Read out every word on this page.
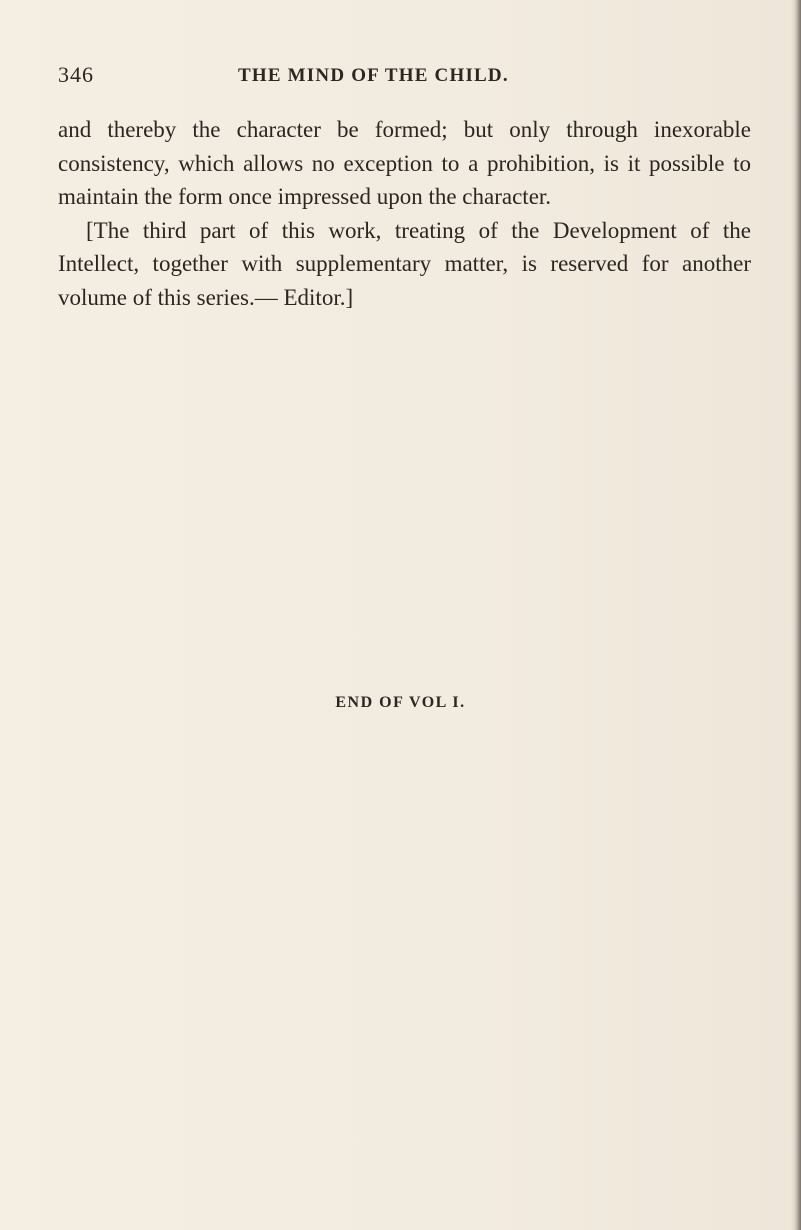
346	THE MIND OF THE CHILD.

and thereby the character be formed; but only through inexorable consistency, which allows no exception to a prohibition, is it possible to maintain the form once impressed upon the character.

[The third part of this work, treating of the Development of the Intellect, together with supplementary matter, is reserved for another volume of this series.— Editor.]

END OF VOL I.
